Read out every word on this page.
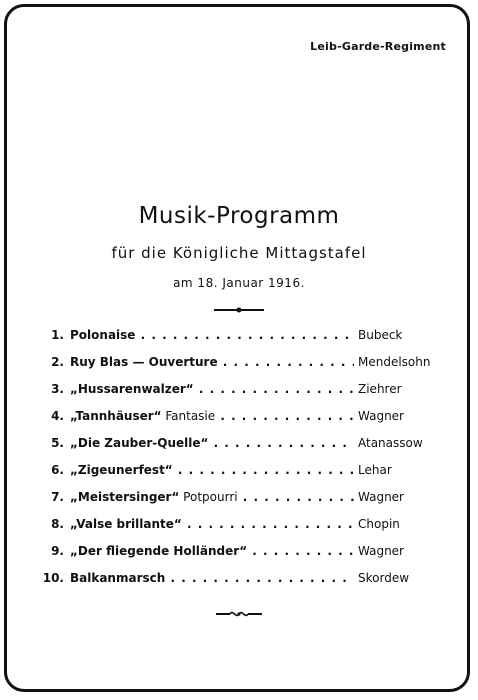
Leib-Garde-Regiment
Musik-Programm
für die Königliche Mittagstafel
am 18. Januar 1916.
1. Polonaise . .	Bubeck
2. Ruy Blas — Ouverture . .	Mendelsohn
3. „Hussarenwalzer“ . .	Ziehrer
4. „Tannhäuser“ Fantasie . .	Wagner
5. „Die Zauber-Quelle“ . .	Atanassow
6. „Zigeunerfest“ . .	Lehar
7. „Meistersinger“ Potpourri . .	Wagner
8. „Valse brillante“ . .	Chopin
9. „Der fliegende Holländer“ . .	Wagner
10. Balkanmarsch . .	Skordew
